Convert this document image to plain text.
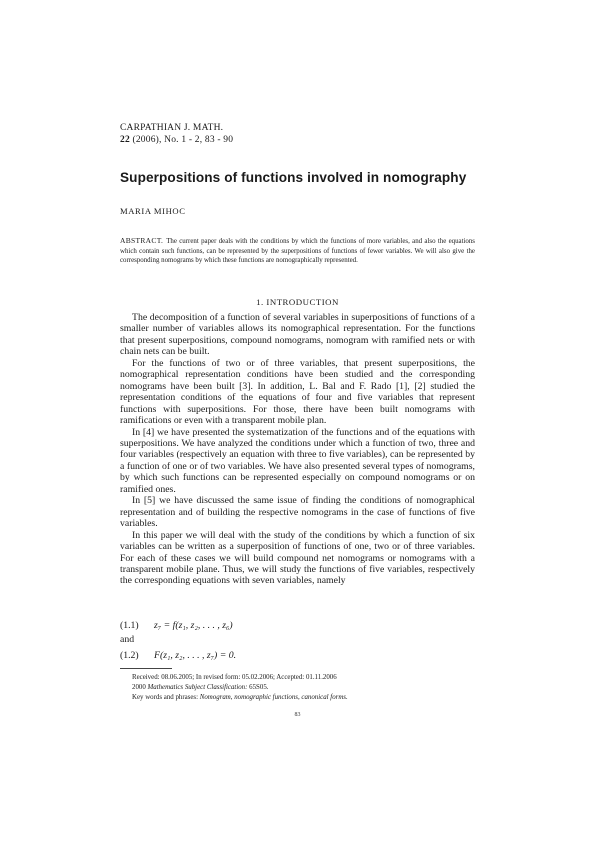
CARPATHIAN J. MATH.
22 (2006), No. 1 - 2, 83 - 90
Superpositions of functions involved in nomography
MARIA MIHOC
ABSTRACT. The current paper deals with the conditions by which the functions of more variables, and also the equations which contain such functions, can be represented by the superpositions of functions of fewer variables. We will also give the corresponding nomograms by which these functions are nomographically represented.
1. INTRODUCTION

The decomposition of a function of several variables in superpositions of functions of a smaller number of variables allows its nomographical representation. For the functions that present superpositions, compound nomograms, nomogram with ramified nets or with chain nets can be built.

For the functions of two or of three variables, that present superpositions, the nomographical representation conditions have been studied and the corresponding nomograms have been built [3]. In addition, L. Bal and F. Rado [1], [2] studied the representation conditions of the equations of four and five variables that represent functions with superpositions. For those, there have been built nomograms with ramifications or even with a transparent mobile plan.

In [4] we have presented the systematization of the functions and of the equations with superpositions. We have analyzed the conditions under which a function of two, three and four variables (respectively an equation with three to five variables), can be represented by a function of one or of two variables. We have also presented several types of nomograms, by which such functions can be represented especially on compound nomograms or on ramified ones.

In [5] we have discussed the same issue of finding the conditions of nomographical representation and of building the respective nomograms in the case of functions of five variables.

In this paper we will deal with the study of the conditions by which a function of six variables can be written as a superposition of functions of one, two or of three variables. For each of these cases we will build compound net nomograms or nomograms with a transparent mobile plane. Thus, we will study the functions of five variables, respectively the corresponding equations with seven variables, namely

(1.1) z₇ = f(z₁, z₂, . . . , z₆)
and
(1.2) F(z₁, z₂, . . . , z₇) = 0.
Received: 08.06.2005; In revised form: 05.02.2006; Accepted: 01.11.2006
2000 Mathematics Subject Classification: 65S05.
Key words and phrases: Nomogram, nomographic functions, canonical forms.
83
